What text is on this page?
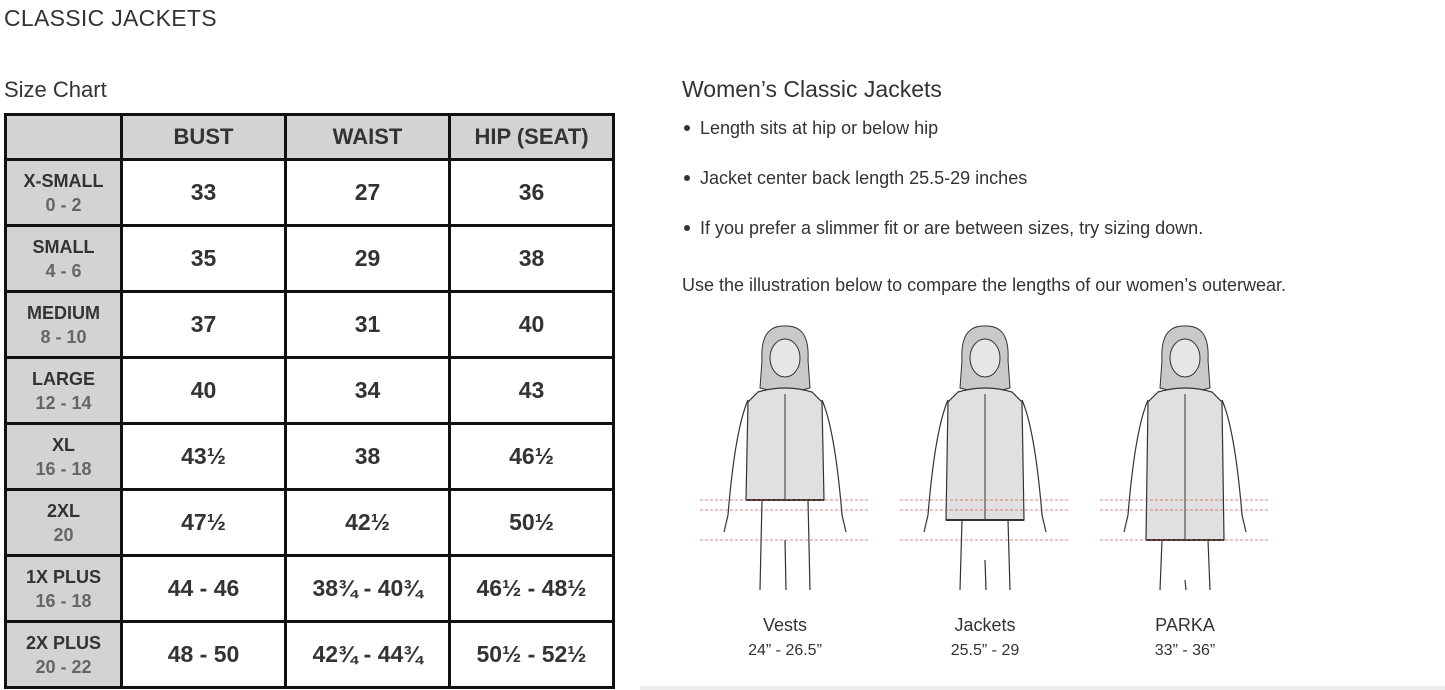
CLASSIC JACKETS
Size Chart
	BUST	WAIST	HIP (SEAT)

X-SMALL
0 - 2	33	27	36

SMALL
4 - 6	35	29	38

MEDIUM
8 - 10	37	31	40

LARGE
12 - 14	40	34	43

XL
16 - 18	43½	38	46½

2XL
20	47½	42½	50½

1X PLUS
16 - 18	44 - 46	38¾ - 40¾	46½ - 48½

2X PLUS
20 - 22	48 - 50	42¾ - 44¾	50½ - 52½
Women’s Classic Jackets
Length sits at hip or below hip
Jacket center back length 25.5-29 inches
If you prefer a slimmer fit or are between sizes, try sizing down.
Use the illustration below to compare the lengths of our women’s outerwear.
Vests
24” - 26.5”
Jackets
25.5” - 29
PARKA
33” - 36”
